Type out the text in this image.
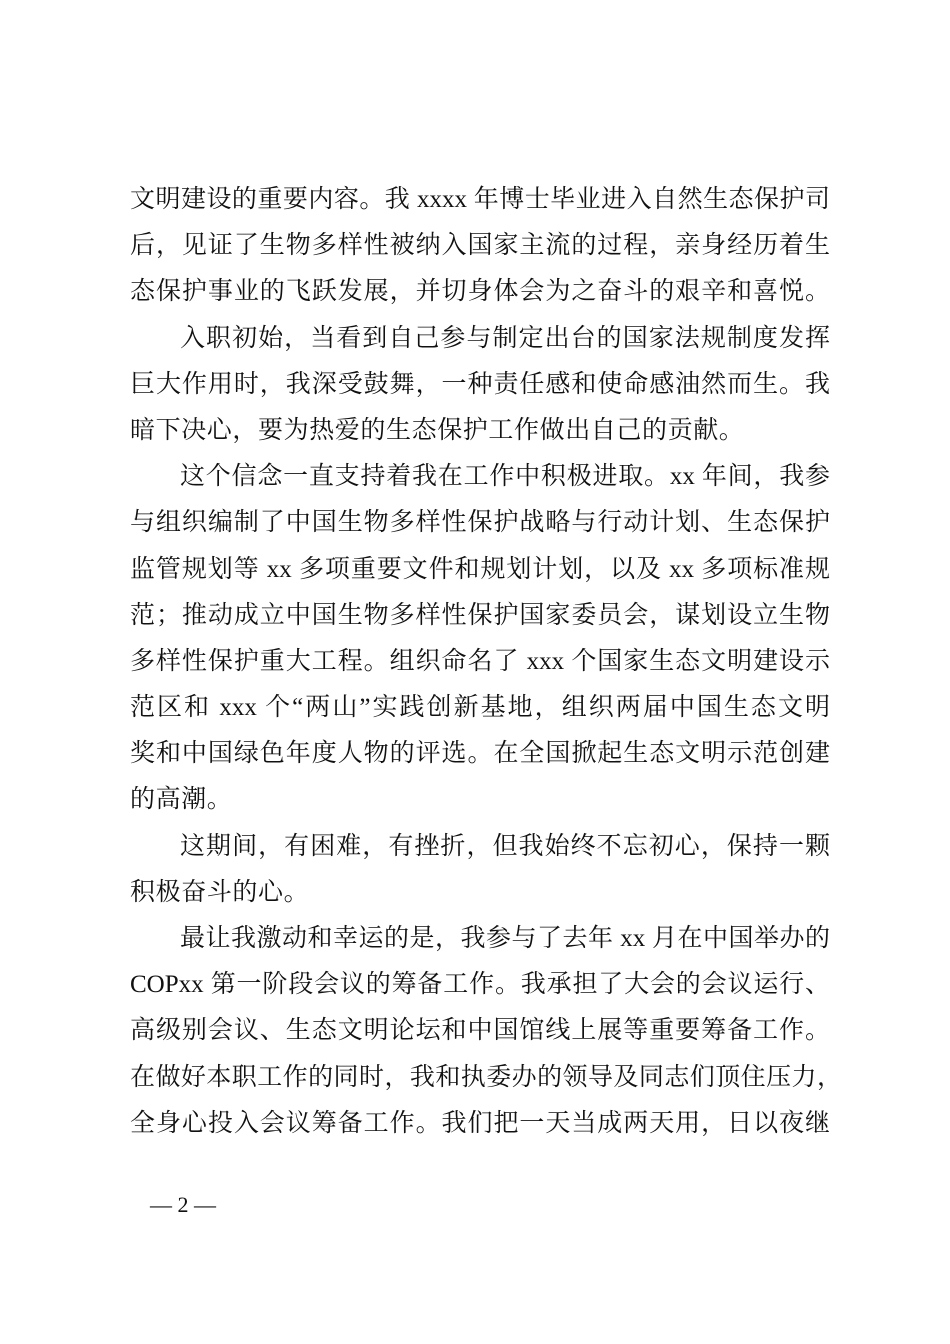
文明建设的重要内容。我 xxxx 年博士毕业进入自然生态保护司
后，见证了生物多样性被纳入国家主流的过程，亲身经历着生
态保护事业的飞跃发展，并切身体会为之奋斗的艰辛和喜悦。
入职初始，当看到自己参与制定出台的国家法规制度发挥
巨大作用时，我深受鼓舞，一种责任感和使命感油然而生。我
暗下决心，要为热爱的生态保护工作做出自己的贡献。
这个信念一直支持着我在工作中积极进取。xx 年间，我参
与组织编制了中国生物多样性保护战略与行动计划、生态保护
监管规划等 xx 多项重要文件和规划计划，以及 xx 多项标准规
范；推动成立中国生物多样性保护国家委员会，谋划设立生物
多样性保护重大工程。组织命名了 xxx 个国家生态文明建设示
范区和 xxx 个“两山”实践创新基地，组织两届中国生态文明
奖和中国绿色年度人物的评选。在全国掀起生态文明示范创建
的高潮。
这期间，有困难，有挫折，但我始终不忘初心，保持一颗
积极奋斗的心。
最让我激动和幸运的是，我参与了去年 xx 月在中国举办的
COPxx 第一阶段会议的筹备工作。我承担了大会的会议运行、
高级别会议、生态文明论坛和中国馆线上展等重要筹备工作。
在做好本职工作的同时，我和执委办的领导及同志们顶住压力，
全身心投入会议筹备工作。我们把一天当成两天用，日以夜继
— 2 —
